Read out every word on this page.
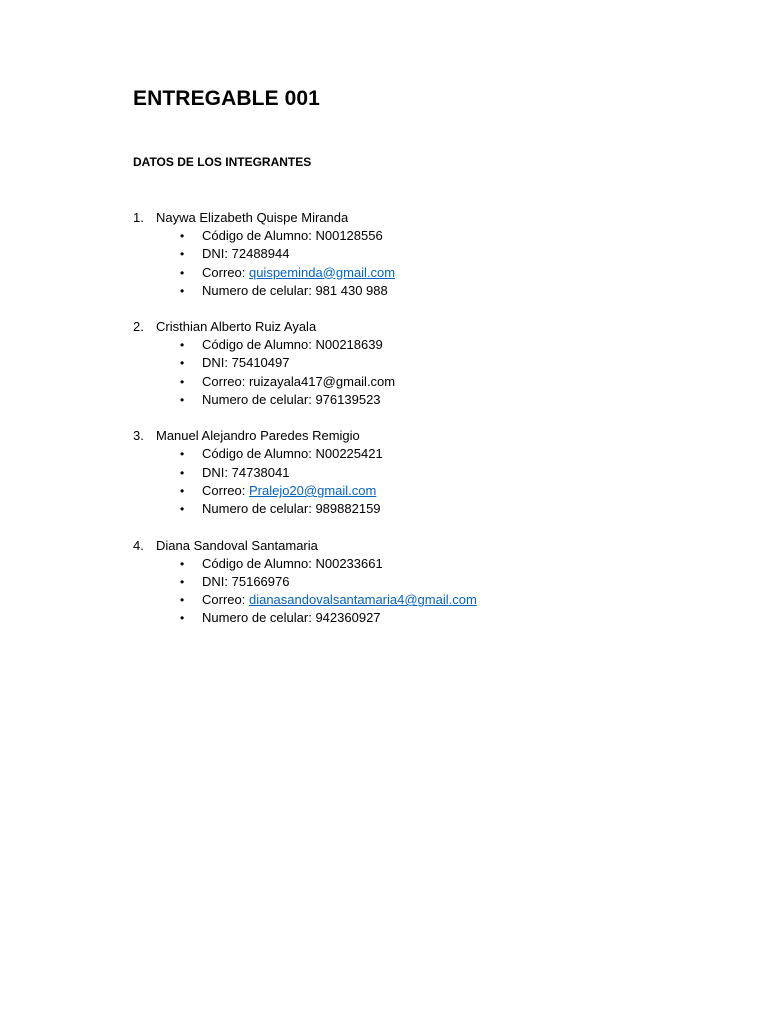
ENTREGABLE 001
DATOS DE LOS INTEGRANTES
1. Naywa Elizabeth Quispe Miranda
• Código de Alumno: N00128556
• DNI: 72488944
• Correo: quispeminda@gmail.com
• Numero de celular: 981 430 988
2. Cristhian Alberto Ruiz Ayala
• Código de Alumno: N00218639
• DNI: 75410497
• Correo: ruizayala417@gmail.com
• Numero de celular: 976139523
3. Manuel Alejandro Paredes Remigio
• Código de Alumno: N00225421
• DNI: 74738041
• Correo: Pralejo20@gmail.com
• Numero de celular: 989882159
4. Diana Sandoval Santamaria
• Código de Alumno: N00233661
• DNI: 75166976
• Correo: dianasandovalsantamaria4@gmail.com
• Numero de celular: 942360927
